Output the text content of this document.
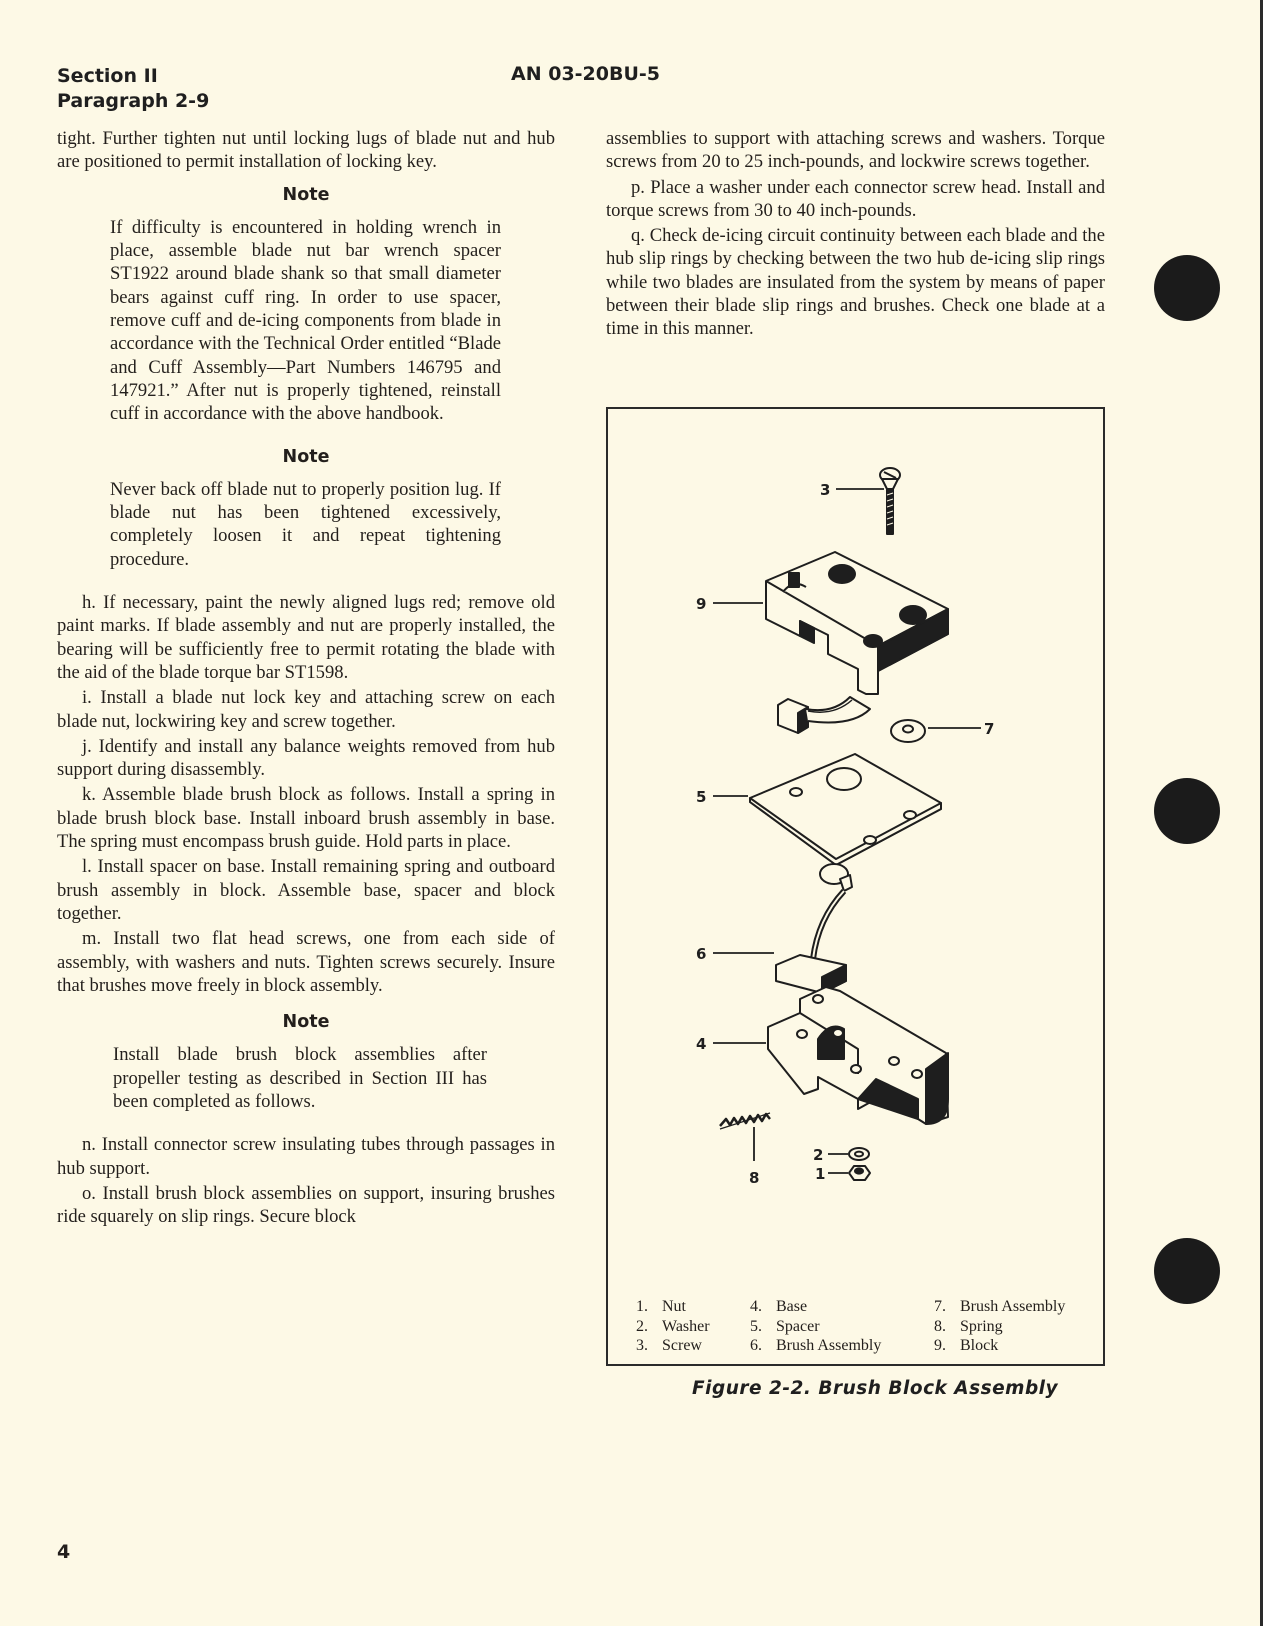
Section II
Paragraph 2-9
AN 03-20BU-5

tight. Further tighten nut until locking lugs of blade nut and hub are positioned to permit installation of locking key.

Note
If difficulty is encountered in holding wrench in place, assemble blade nut bar wrench spacer ST1922 around blade shank so that small diameter bears against cuff ring. In order to use spacer, remove cuff and de-icing components from blade in accordance with the Technical Order entitled “Blade and Cuff Assembly—Part Numbers 146795 and 147921.” After nut is properly tightened, reinstall cuff in accordance with the above handbook.
Note
Never back off blade nut to properly position lug. If blade nut has been tightened excessively, completely loosen it and repeat tightening procedure.

h. If necessary, paint the newly aligned lugs red; remove old paint marks. If blade assembly and nut are properly installed, the bearing will be sufficiently free to permit rotating the blade with the aid of the blade torque bar ST1598.

i. Install a blade nut lock key and attaching screw on each blade nut, lockwiring key and screw together.

j. Identify and install any balance weights removed from hub support during disassembly.

k. Assemble blade brush block as follows. Install a spring in blade brush block base. Install inboard brush assembly in base. The spring must encompass brush guide. Hold parts in place.

l. Install spacer on base. Install remaining spring and outboard brush assembly in block. Assemble base, spacer and block together.

m. Install two flat head screws, one from each side of assembly, with washers and nuts. Tighten screws securely. Insure that brushes move freely in block assembly.

Note
Install blade brush block assemblies after propeller testing as described in Section III has been completed as follows.

n. Install connector screw insulating tubes through passages in hub support.

o. Install brush block assemblies on support, insuring brushes ride squarely on slip rings. Secure block

assemblies to support with attaching screws and washers. Torque screws from 20 to 25 inch-pounds, and lockwire screws together.

p. Place a washer under each connector screw head. Install and torque screws from 30 to 40 inch-pounds.

q. Check de-icing circuit continuity between each blade and the hub slip rings by checking between the two hub de-icing slip rings while two blades are insulated from the system by means of paper between their blade slip rings and brushes. Check one blade at a time in this manner.

3
9
7
5
6
4
8
2
1
1. Nut
2. Washer
3. Screw
4. Base
5. Spacer
6. Brush Assembly
7. Brush Assembly
8. Spring
9. Block
Figure 2-2. Brush Block Assembly
4
